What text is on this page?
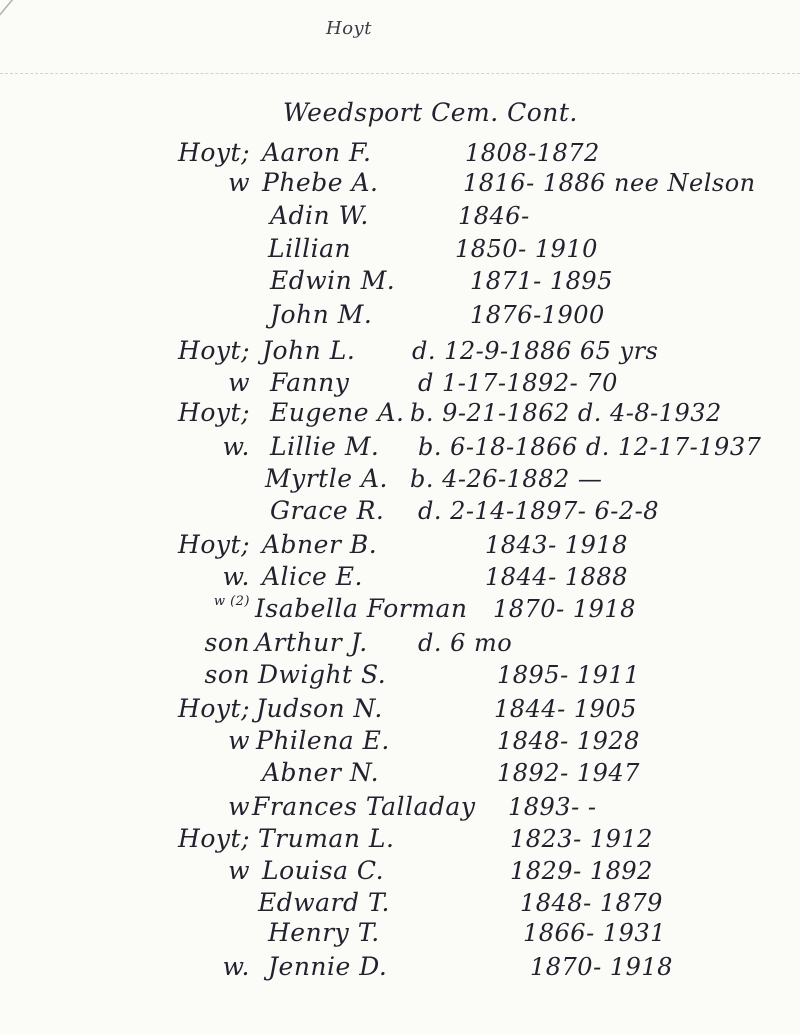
Hoyt
Weedsport Cem. Cont.
Hoyt; Aaron F.	1808-1872
w Phebe A.	1816- 1886 nee Nelson
Adin W.	1846-
Lillian	1850- 1910
Edwin M.	1871- 1895
John M.	1876-1900
Hoyt; John L. d. 12-9-1886 65 yrs
w Fanny	d 1-17-1892- 70
Hoyt; Eugene A. b. 9-21-1862 d. 4-8-1932
w. Lillie M. b. 6-18-1866 d. 12-17-1937
Myrtle A. b. 4-26-1882 —
Grace R. d. 2-14-1897- 6-2-8
Hoyt; Abner B.	1843- 1918
w. Alice E.	1844- 1888
w (2) Isabella Forman 1870- 1918
son Arthur J. d. 6 mo
son Dwight S.	1895- 1911
Hoyt; Judson N.	1844- 1905
w Philena E.	1848- 1928
Abner N.	1892- 1947
w Frances Talladay 1893- -
Hoyt; Truman L.	1823- 1912
w Louisa C.	1829- 1892
Edward T.	1848- 1879
Henry T.	1866- 1931
w. Jennie D.	1870- 1918
